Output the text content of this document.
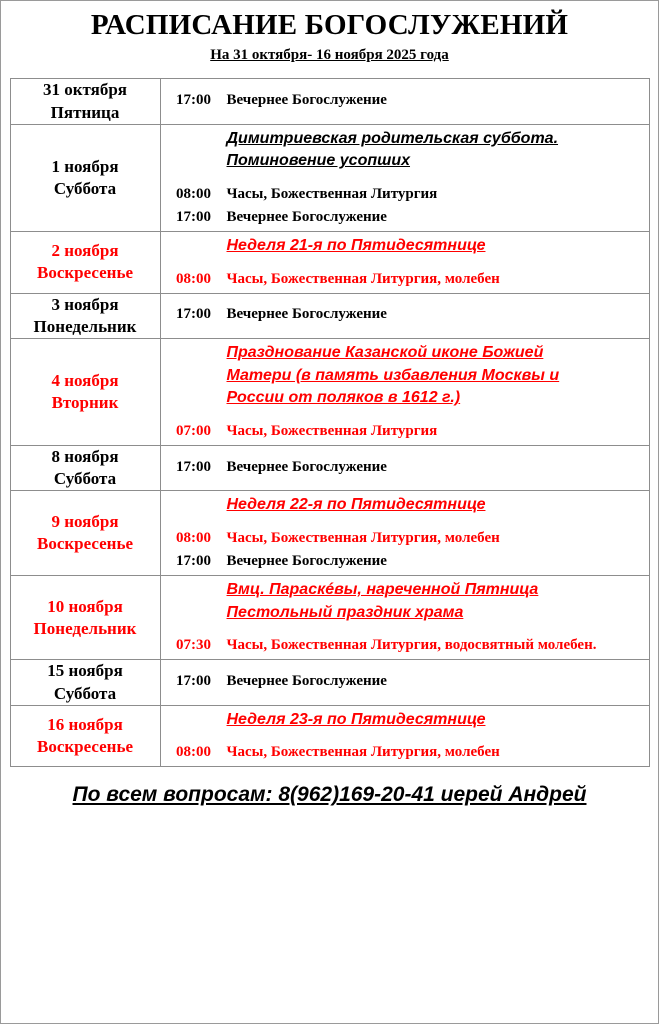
РАСПИСАНИЕ БОГОСЛУЖЕНИЙ
На 31 октября- 16 ноября 2025 года
31 октября
Пятница

17:00	Вечернее Богослужение

1 ноября
Суббота

Димитриевская родительская суббота.
Поминовение усопших

08:00	Часы, Божественная Литургия
17:00	Вечернее Богослужение

2 ноября
Воскресенье

Неделя 21-я по Пятидесятнице

08:00	Часы, Божественная Литургия, молебен

3 ноября
Понедельник

17:00	Вечернее Богослужение

4 ноября
Вторник

Празднование Казанской иконе Божией
Матери (в память избавления Москвы и
России от поляков в 1612 г.)

07:00	Часы, Божественная Литургия

8 ноября
Суббота

17:00	Вечернее Богослужение

9 ноября
Воскресенье

Неделя 22-я по Пятидесятнице

08:00	Часы, Божественная Литургия, молебен
17:00	Вечернее Богослужение

10 ноября
Понедельник

Вмц. Параскéвы, нареченной Пятница
Пестольный праздник храма

07:30	Часы, Божественная Литургия, водосвятный молебен.

15 ноября
Суббота

17:00	Вечернее Богослужение

16 ноября
Воскресенье

Неделя 23-я по Пятидесятнице

08:00	Часы, Божественная Литургия, молебен
По всем вопросам: 8(962)169-20-41 иерей Андрей
